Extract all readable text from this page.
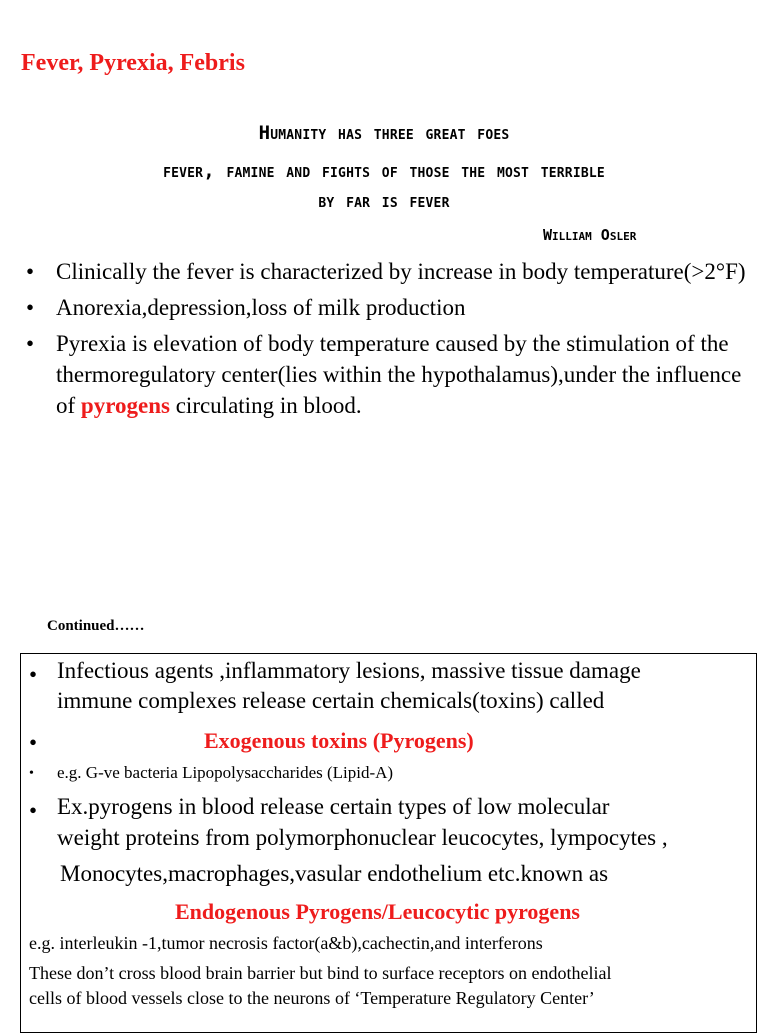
Fever, Pyrexia, Febris
Humanity has three great foes
fever, famine and fights of those the most terrible
by far is fever
William Osler
• Clinically the fever is characterized by increase in body temperature(>2°F)
• Anorexia,depression,loss of milk production
• Pyrexia is elevation of body temperature caused by the stimulation of the thermoregulatory center(lies within the hypothalamus),under the influence of pyrogens circulating in blood.
Continued……
• Infectious agents ,inflammatory lesions, massive tissue damage
immune complexes release certain chemicals(toxins) called
•	Exogenous toxins (Pyrogens)
• e.g. G-ve bacteria Lipopolysaccharides (Lipid-A)
• Ex.pyrogens in blood release certain types of low molecular
weight proteins from polymorphonuclear leucocytes, lympocytes ,
Monocytes,macrophages,vasular endothelium etc.known as
Endogenous Pyrogens/Leucocytic pyrogens
e.g. interleukin -1,tumor necrosis factor(a&b),cachectin,and interferons
These don’t cross blood brain barrier but bind to surface receptors on endothelial
cells of blood vessels close to the neurons of ‘Temperature Regulatory Center’
